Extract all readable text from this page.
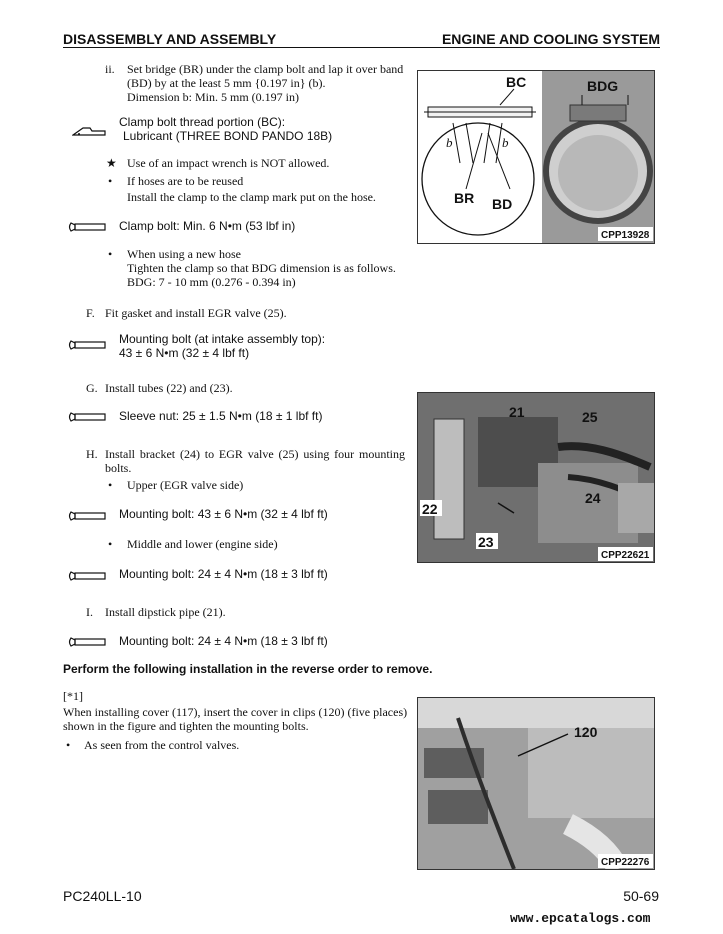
DISASSEMBLY AND ASSEMBLY	ENGINE AND COOLING SYSTEM
ii. Set bridge (BR) under the clamp bolt and lap it over band
(BD) by at the least 5 mm {0.197 in} (b).
Dimension b: Min. 5 mm (0.197 in)
Clamp bolt thread portion (BC):
Lubricant (THREE BOND PANDO 18B)
★ Use of an impact wrench is NOT allowed.
• If hoses are to be reused
Install the clamp to the clamp mark put on the hose.
Clamp bolt: Min. 6 N•m (53 lbf in)
• When using a new hose
Tighten the clamp so that BDG dimension is as follows.
BDG: 7 - 10 mm (0.276 - 0.394 in)
F. Fit gasket and install EGR valve (25).
Mounting bolt (at intake assembly top):
43 ± 6 N•m (32 ± 4 lbf ft)
G. Install tubes (22) and (23).
Sleeve nut: 25 ± 1.5 N•m (18 ± 1 lbf ft)
H. Install bracket (24) to EGR valve (25) using four mounting
bolts.
• Upper (EGR valve side)
Mounting bolt: 43 ± 6 N•m (32 ± 4 lbf ft)
• Middle and lower (engine side)
Mounting bolt: 24 ± 4 N•m (18 ± 3 lbf ft)
I. Install dipstick pipe (21).
Mounting bolt: 24 ± 4 N•m (18 ± 3 lbf ft)
Perform the following installation in the reverse order to remove.
[*1]
When installing cover (117), insert the cover in clips (120) (five places)
shown in the figure and tighten the mounting bolts.
• As seen from the control valves.
BC
BR BD
b	b
BDG
CPP13928
21	25
22
23
24
CPP22621
120
CPP22276
PC240LL-10	50-69
www.epcatalogs.com
